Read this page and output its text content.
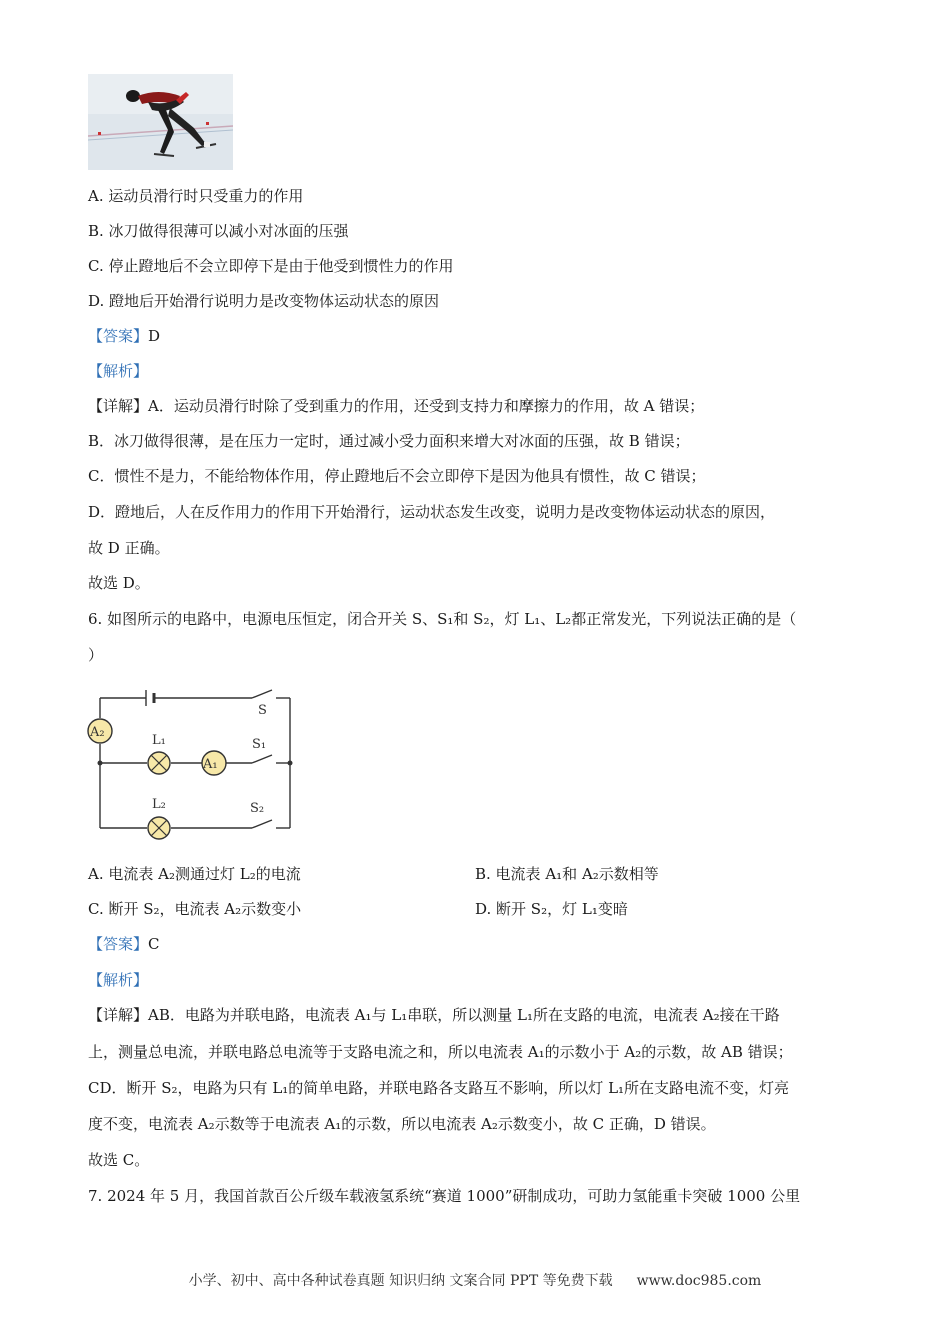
A. 运动员滑行时只受重力的作用
B. 冰刀做得很薄可以减小对冰面的压强
C. 停止蹬地后不会立即停下是由于他受到惯性力的作用
D. 蹬地后开始滑行说明力是改变物体运动状态的原因
【答案】D
【解析】
【详解】A．运动员滑行时除了受到重力的作用，还受到支持力和摩擦力的作用，故 A 错误；
B．冰刀做得很薄，是在压力一定时，通过减小受力面积来增大对冰面的压强，故 B 错误；
C．惯性不是力，不能给物体作用，停止蹬地后不会立即停下是因为他具有惯性，故 C 错误；
D．蹬地后，人在反作用力的作用下开始滑行，运动状态发生改变，说明力是改变物体运动状态的原因，
故 D 正确。
故选 D。
6. 如图所示的电路中，电源电压恒定，闭合开关 S、S₁和 S₂，灯 L₁、L₂都正常发光，下列说法正确的是（
）
A₂
A₁
L₁
L₂
S
S₁
S₂
A. 电流表 A₂测通过灯 L₂的电流	B. 电流表 A₁和 A₂示数相等
C. 断开 S₂，电流表 A₂示数变小	D. 断开 S₂，灯 L₁变暗
【答案】C
【解析】
【详解】AB．电路为并联电路，电流表 A₁与 L₁串联，所以测量 L₁所在支路的电流，电流表 A₂接在干路
上，测量总电流，并联电路总电流等于支路电流之和，所以电流表 A₁的示数小于 A₂的示数，故 AB 错误；
CD．断开 S₂，电路为只有 L₁的简单电路，并联电路各支路互不影响，所以灯 L₁所在支路电流不变，灯亮
度不变，电流表 A₂示数等于电流表 A₁的示数，所以电流表 A₂示数变小，故 C 正确，D 错误。
故选 C。
7. 2024 年 5 月，我国首款百公斤级车载液氢系统“赛道 1000”研制成功，可助力氢能重卡突破 1000 公里
小学、初中、高中各种试卷真题 知识归纳 文案合同 PPT 等免费下载 www.doc985.com
